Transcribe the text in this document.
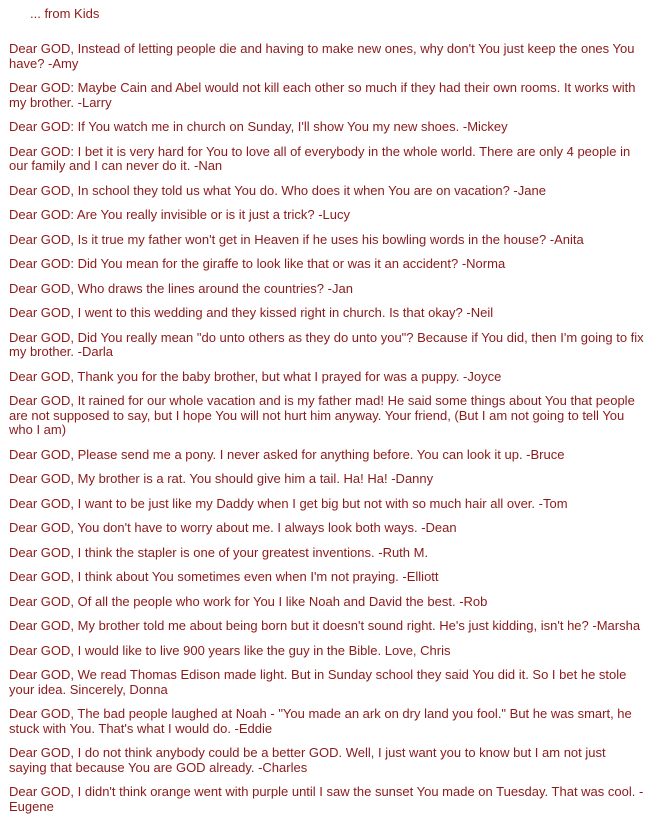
... from Kids

Dear GOD, Instead of letting people die and having to make new ones, why don't You just keep the ones You have? -Amy

Dear GOD: Maybe Cain and Abel would not kill each other so much if they had their own rooms. It works with my brother. -Larry

Dear GOD: If You watch me in church on Sunday, I'll show You my new shoes. -Mickey

Dear GOD: I bet it is very hard for You to love all of everybody in the whole world. There are only 4 people in our family and I can never do it. -Nan

Dear GOD, In school they told us what You do. Who does it when You are on vacation? -Jane

Dear GOD: Are You really invisible or is it just a trick? -Lucy

Dear GOD, Is it true my father won't get in Heaven if he uses his bowling words in the house? -Anita

Dear GOD: Did You mean for the giraffe to look like that or was it an accident? -Norma

Dear GOD, Who draws the lines around the countries? -Jan

Dear GOD, I went to this wedding and they kissed right in church. Is that okay? -Neil

Dear GOD, Did You really mean "do unto others as they do unto you"? Because if You did, then I'm going to fix my brother. -Darla

Dear GOD, Thank you for the baby brother, but what I prayed for was a puppy. -Joyce

Dear GOD, It rained for our whole vacation and is my father mad! He said some things about You that people are not supposed to say, but I hope You will not hurt him anyway. Your friend, (But I am not going to tell You who I am)

Dear GOD, Please send me a pony. I never asked for anything before. You can look it up. -Bruce

Dear GOD, My brother is a rat. You should give him a tail. Ha! Ha! -Danny

Dear GOD, I want to be just like my Daddy when I get big but not with so much hair all over. -Tom

Dear GOD, You don't have to worry about me. I always look both ways. -Dean

Dear GOD, I think the stapler is one of your greatest inventions. -Ruth M.

Dear GOD, I think about You sometimes even when I'm not praying. -Elliott

Dear GOD, Of all the people who work for You I like Noah and David the best. -Rob

Dear GOD, My brother told me about being born but it doesn't sound right. He's just kidding, isn't he? -Marsha

Dear GOD, I would like to live 900 years like the guy in the Bible. Love, Chris

Dear GOD, We read Thomas Edison made light. But in Sunday school they said You did it. So I bet he stole your idea. Sincerely, Donna

Dear GOD, The bad people laughed at Noah - "You made an ark on dry land you fool." But he was smart, he stuck with You. That's what I would do. -Eddie

Dear GOD, I do not think anybody could be a better GOD. Well, I just want you to know but I am not just saying that because You are GOD already. -Charles

Dear GOD, I didn't think orange went with purple until I saw the sunset You made on Tuesday. That was cool. -Eugene
